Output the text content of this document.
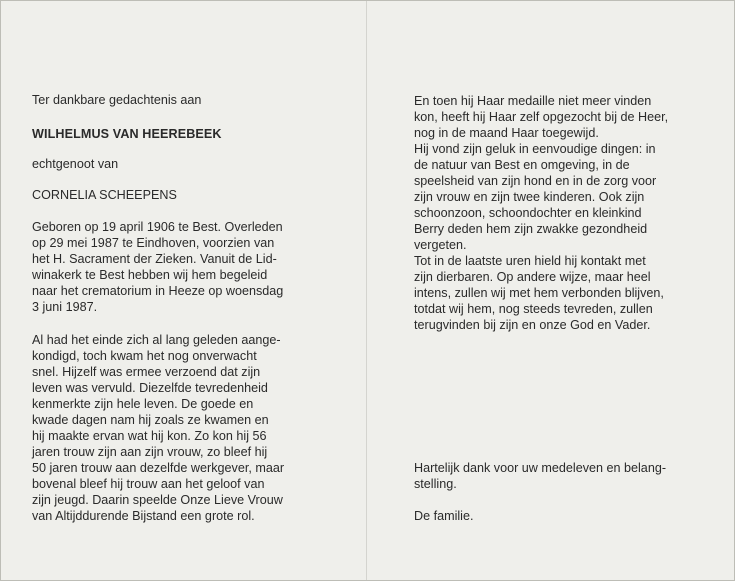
Ter dankbare gedachtenis aan
WILHELMUS VAN HEEREBEEK
echtgenoot van
CORNELIA SCHEEPENS
Geboren op 19 april 1906 te Best. Overleden
op 29 mei 1987 te Eindhoven, voorzien van
het H. Sacrament der Zieken. Vanuit de Lid-
winakerk te Best hebben wij hem begeleid
naar het crematorium in Heeze op woensdag
3 juni 1987.
Al had het einde zich al lang geleden aange-
kondigd, toch kwam het nog onverwacht
snel. Hijzelf was ermee verzoend dat zijn
leven was vervuld. Diezelfde tevredenheid
kenmerkte zijn hele leven. De goede en
kwade dagen nam hij zoals ze kwamen en
hij maakte ervan wat hij kon. Zo kon hij 56
jaren trouw zijn aan zijn vrouw, zo bleef hij
50 jaren trouw aan dezelfde werkgever, maar
bovenal bleef hij trouw aan het geloof van
zijn jeugd. Daarin speelde Onze Lieve Vrouw
van Altijddurende Bijstand een grote rol.
En toen hij Haar medaille niet meer vinden
kon, heeft hij Haar zelf opgezocht bij de Heer,
nog in de maand Haar toegewijd.
Hij vond zijn geluk in eenvoudige dingen: in
de natuur van Best en omgeving, in de
speelsheid van zijn hond en in de zorg voor
zijn vrouw en zijn twee kinderen. Ook zijn
schoonzoon, schoondochter en kleinkind
Berry deden hem zijn zwakke gezondheid
vergeten.
Tot in de laatste uren hield hij kontakt met
zijn dierbaren. Op andere wijze, maar heel
intens, zullen wij met hem verbonden blijven,
totdat wij hem, nog steeds tevreden, zullen
terugvinden bij zijn en onze God en Vader.
Hartelijk dank voor uw medeleven en belang-
stelling.
De familie.
